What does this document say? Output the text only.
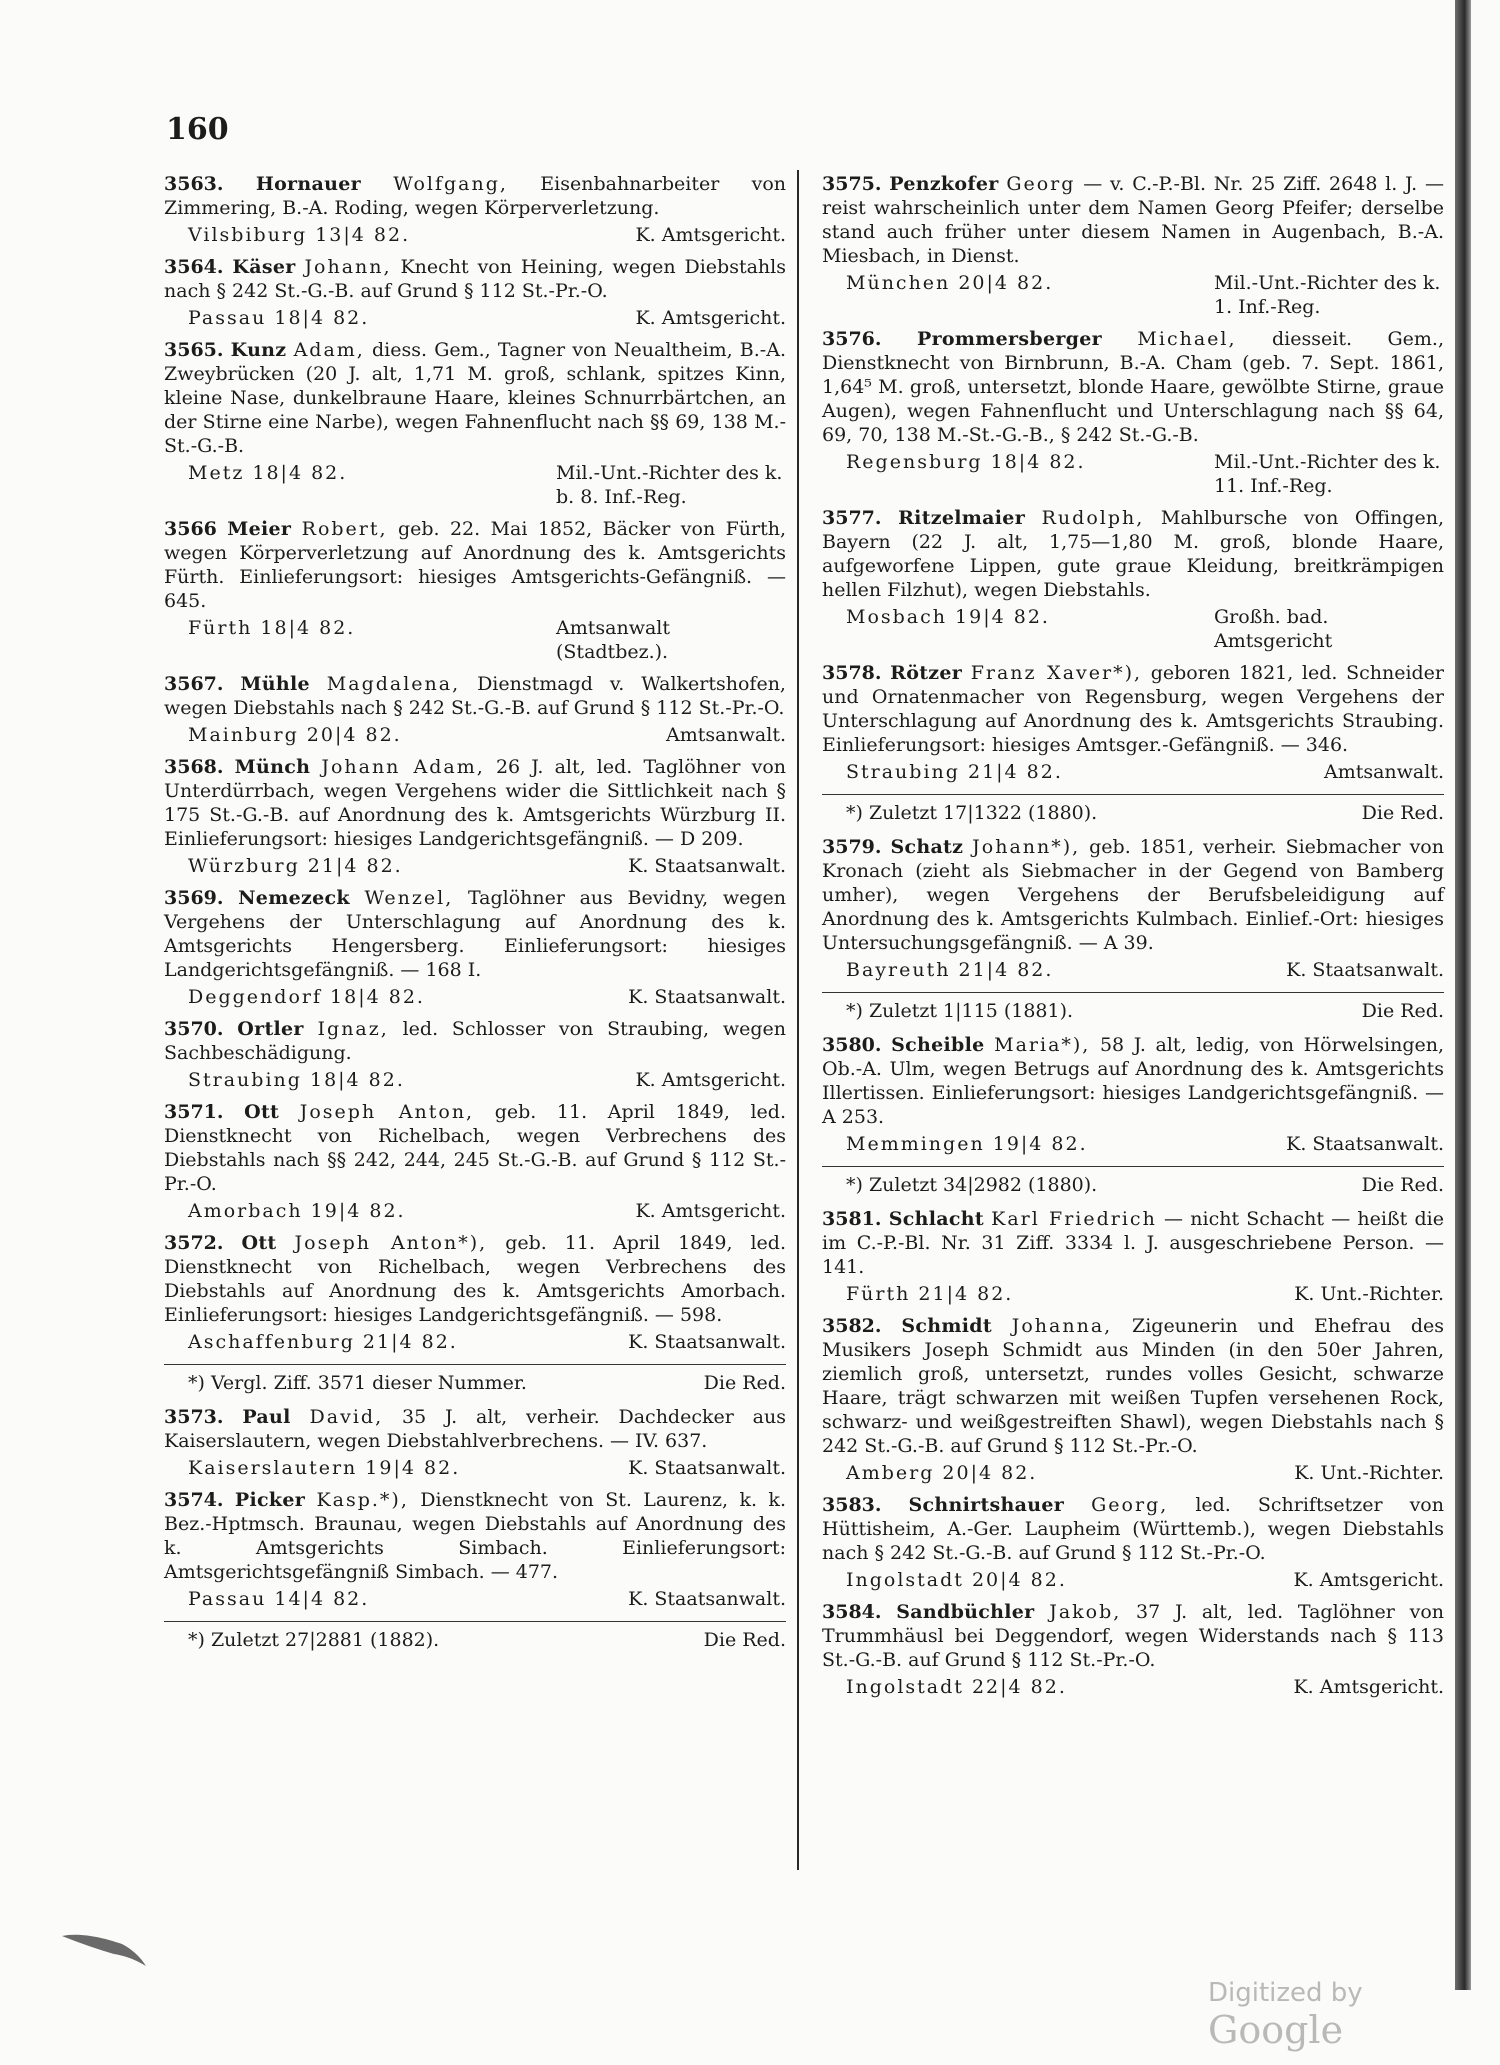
160
3563. Hornauer Wolfgang, Eisenbahnarbeiter von Zimmering, B.-A. Roding, wegen Körperverletzung.
Vilsbiburg 13|4 82.	K. Amtsgericht.
3564. Käser Johann, Knecht von Heining, wegen Diebstahls nach § 242 St.-G.-B. auf Grund § 112 St.-Pr.-O.
Passau 18|4 82.	K. Amtsgericht.
3565. Kunz Adam, diess. Gem., Tagner von Neualtheim, B.-A. Zweybrücken (20 J. alt, 1,71 M. groß, schlank, spitzes Kinn, kleine Nase, dunkelbraune Haare, kleines Schnurrbärtchen, an der Stirne eine Narbe), wegen Fahnenflucht nach §§ 69, 138 M.-St.-G.-B.
Metz 18|4 82.	Mil.-Unt.-Richter des k. b. 8. Inf.-Reg.
3566 Meier Robert, geb. 22. Mai 1852, Bäcker von Fürth, wegen Körperverletzung auf Anordnung des k. Amtsgerichts Fürth. Einlieferungsort: hiesiges Amtsgerichts-Gefängniß. — 645.
Fürth 18|4 82.	Amtsanwalt (Stadtbez.).
3567. Mühle Magdalena, Dienstmagd v. Walkertshofen, wegen Diebstahls nach § 242 St.-G.-B. auf Grund § 112 St.-Pr.-O.
Mainburg 20|4 82.	Amtsanwalt.
3568. Münch Johann Adam, 26 J. alt, led. Taglöhner von Unterdürrbach, wegen Vergehens wider die Sittlichkeit nach § 175 St.-G.-B. auf Anordnung des k. Amtsgerichts Würzburg II. Einlieferungsort: hiesiges Landgerichtsgefängniß. — D 209.
Würzburg 21|4 82.	K. Staatsanwalt.
3569. Nemezeck Wenzel, Taglöhner aus Bevidny, wegen Vergehens der Unterschlagung auf Anordnung des k. Amtsgerichts Hengersberg. Einlieferungsort: hiesiges Landgerichtsgefängniß. — 168 I.
Deggendorf 18|4 82.	K. Staatsanwalt.
3570. Ortler Ignaz, led. Schlosser von Straubing, wegen Sachbeschädigung.
Straubing 18|4 82.	K. Amtsgericht.
3571. Ott Joseph Anton, geb. 11. April 1849, led. Dienstknecht von Richelbach, wegen Verbrechens des Diebstahls nach §§ 242, 244, 245 St.-G.-B. auf Grund § 112 St.-Pr.-O.
Amorbach 19|4 82.	K. Amtsgericht.
3572. Ott Joseph Anton*), geb. 11. April 1849, led. Dienstknecht von Richelbach, wegen Verbrechens des Diebstahls auf Anordnung des k. Amtsgerichts Amorbach. Einlieferungsort: hiesiges Landgerichtsgefängniß. — 598.
Aschaffenburg 21|4 82.	K. Staatsanwalt.
*) Vergl. Ziff. 3571 dieser Nummer.	Die Red.
3573. Paul David, 35 J. alt, verheir. Dachdecker aus Kaiserslautern, wegen Diebstahlverbrechens. — IV. 637.
Kaiserslautern 19|4 82.	K. Staatsanwalt.
3574. Picker Kasp.*), Dienstknecht von St. Laurenz, k. k. Bez.-Hptmsch. Braunau, wegen Diebstahls auf Anordnung des k. Amtsgerichts Simbach. Einlieferungsort: Amtsgerichtsgefängniß Simbach. — 477.
Passau 14|4 82.	K. Staatsanwalt.
*) Zuletzt 27|2881 (1882).	Die Red.
3575. Penzkofer Georg — v. C.-P.-Bl. Nr. 25 Ziff. 2648 l. J. — reist wahrscheinlich unter dem Namen Georg Pfeifer; derselbe stand auch früher unter diesem Namen in Augenbach, B.-A. Miesbach, in Dienst.
München 20|4 82.	Mil.-Unt.-Richter des k. 1. Inf.-Reg.
3576. Prommersberger Michael, diesseit. Gem., Dienstknecht von Birnbrunn, B.-A. Cham (geb. 7. Sept. 1861, 1,64⁵ M. groß, untersetzt, blonde Haare, gewölbte Stirne, graue Augen), wegen Fahnenflucht und Unterschlagung nach §§ 64, 69, 70, 138 M.-St.-G.-B., § 242 St.-G.-B.
Regensburg 18|4 82.	Mil.-Unt.-Richter des k. 11. Inf.-Reg.
3577. Ritzelmaier Rudolph, Mahlbursche von Offingen, Bayern (22 J. alt, 1,75—1,80 M. groß, blonde Haare, aufgeworfene Lippen, gute graue Kleidung, breitkrämpigen hellen Filzhut), wegen Diebstahls.
Mosbach 19|4 82.	Großh. bad. Amtsgericht
3578. Rötzer Franz Xaver*), geboren 1821, led. Schneider und Ornatenmacher von Regensburg, wegen Vergehens der Unterschlagung auf Anordnung des k. Amtsgerichts Straubing. Einlieferungsort: hiesiges Amtsger.-Gefängniß. — 346.
Straubing 21|4 82.	Amtsanwalt.
*) Zuletzt 17|1322 (1880).	Die Red.
3579. Schatz Johann*), geb. 1851, verheir. Siebmacher von Kronach (zieht als Siebmacher in der Gegend von Bamberg umher), wegen Vergehens der Berufsbeleidigung auf Anordnung des k. Amtsgerichts Kulmbach. Einlief.-Ort: hiesiges Untersuchungsgefängniß. — A 39.
Bayreuth 21|4 82.	K. Staatsanwalt.
*) Zuletzt 1|115 (1881).	Die Red.
3580. Scheible Maria*), 58 J. alt, ledig, von Hörwelsingen, Ob.-A. Ulm, wegen Betrugs auf Anordnung des k. Amtsgerichts Illertissen. Einlieferungsort: hiesiges Landgerichtsgefängniß. — A 253.
Memmingen 19|4 82.	K. Staatsanwalt.
*) Zuletzt 34|2982 (1880).	Die Red.
3581. Schlacht Karl Friedrich — nicht Schacht — heißt die im C.-P.-Bl. Nr. 31 Ziff. 3334 l. J. ausgeschriebene Person. — 141.
Fürth 21|4 82.	K. Unt.-Richter.
3582. Schmidt Johanna, Zigeunerin und Ehefrau des Musikers Joseph Schmidt aus Minden (in den 50er Jahren, ziemlich groß, untersetzt, rundes volles Gesicht, schwarze Haare, trägt schwarzen mit weißen Tupfen versehenen Rock, schwarz- und weißgestreiften Shawl), wegen Diebstahls nach § 242 St.-G.-B. auf Grund § 112 St.-Pr.-O.
Amberg 20|4 82.	K. Unt.-Richter.
3583. Schnirtshauer Georg, led. Schriftsetzer von Hüttisheim, A.-Ger. Laupheim (Württemb.), wegen Diebstahls nach § 242 St.-G.-B. auf Grund § 112 St.-Pr.-O.
Ingolstadt 20|4 82.	K. Amtsgericht.
3584. Sandbüchler Jakob, 37 J. alt, led. Taglöhner von Trummhäusl bei Deggendorf, wegen Widerstands nach § 113 St.-G.-B. auf Grund § 112 St.-Pr.-O.
Ingolstadt 22|4 82.	K. Amtsgericht.
Digitized by Google
